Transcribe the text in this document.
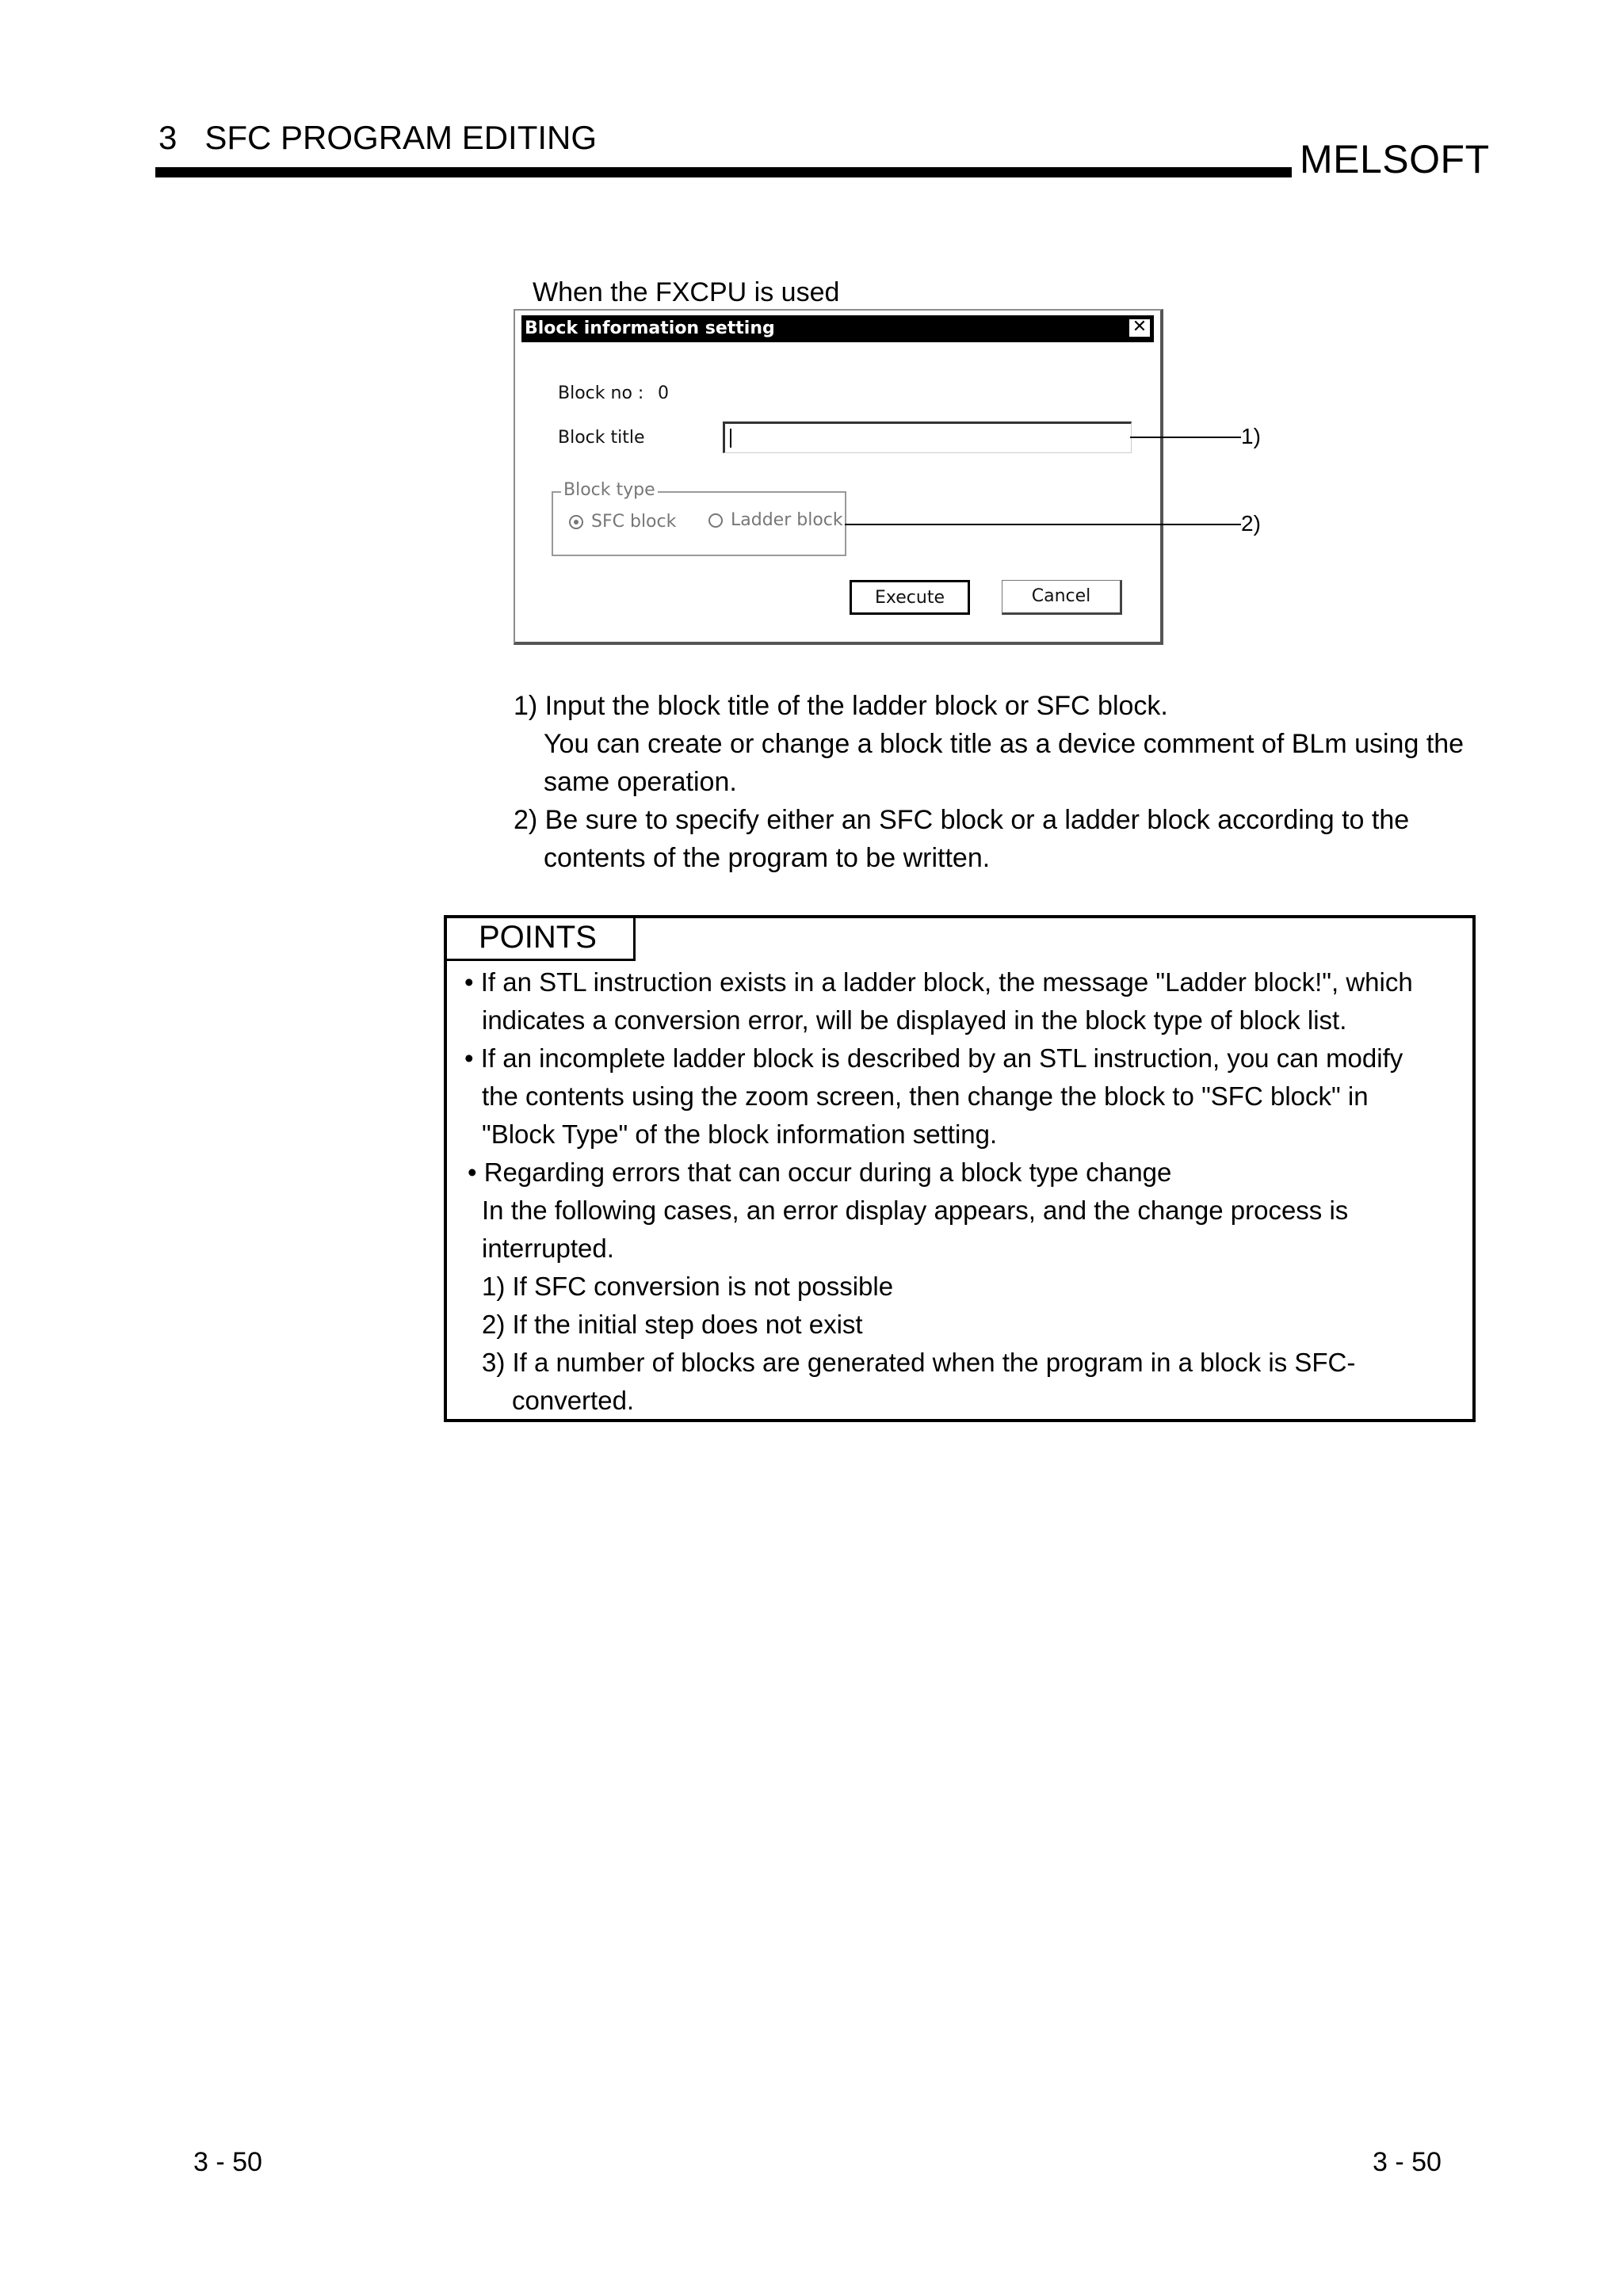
3   SFC PROGRAM EDITING	MELSOFT
When the FXCPU is used
Block information setting	✕
Block no : 0
Block title
Block type
SFC block	Ladder block
Execute	Cancel
1)
2)
1) Input the block title of the ladder block or SFC block.
You can create or change a block title as a device comment of BLm using the
same operation.
2) Be sure to specify either an SFC block or a ladder block according to the
contents of the program to be written.
POINTS
• If an STL instruction exists in a ladder block, the message "Ladder block!", which
indicates a conversion error, will be displayed in the block type of block list.
• If an incomplete ladder block is described by an STL instruction, you can modify
the contents using the zoom screen, then change the block to "SFC block" in
"Block Type" of the block information setting.
• Regarding errors that can occur during a block type change
In the following cases, an error display appears, and the change process is
interrupted.
1) If SFC conversion is not possible
2) If the initial step does not exist
3) If a number of blocks are generated when the program in a block is SFC-
converted.
3 - 50	3 - 50
